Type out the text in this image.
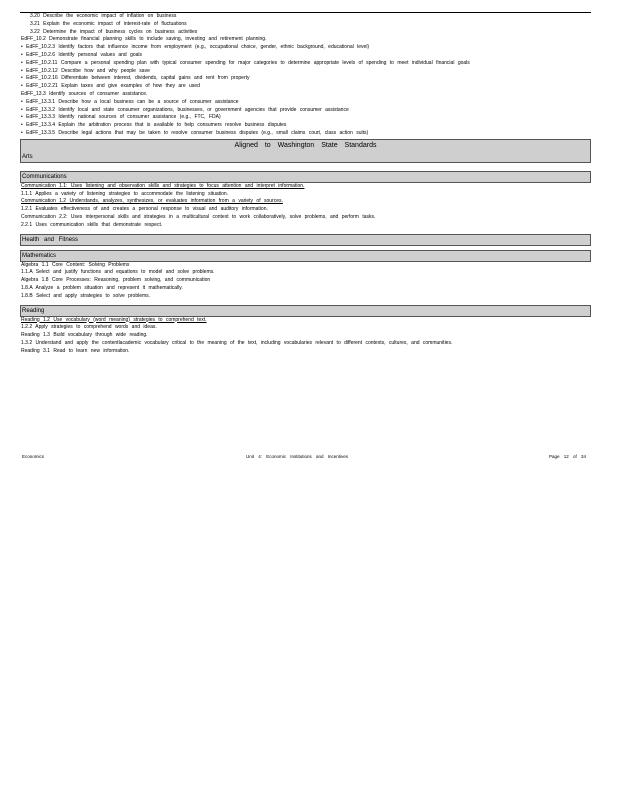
3.20 Describe the economic impact of inflation on business
3.21 Explain the economic impact of interest-rate of fluctuations
3.22 Determine the impact of business cycles on business activities
EdFF_10.2 Demonstrate financial planning skills to include saving, investing and retirement planning.
• EdFF_10.2.3 Identify factors that influence income from employment (e.g., occupational choice, gender, ethnic background, educational level)
• EdFF_10.2.6 Identify personal values and goals
• EdFF_10.2.11 Compare a personal spending plan with typical consumer spending for major categories to determine appropriate levels of spending to meet individual financial goals
• EdFF_10.2.12 Describe how and why people save
• EdFF_10.2.16 Differentiate between interest, dividends, capital gains and rent from property
• EdFF_10.2.21 Explain taxes and give examples of how they are used
EdFF_13.3 Identify sources of consumer assistance.
• EdFF_13.3.1 Describe how a local business can be a source of consumer assistance
• EdFF_13.3.2 Identify local and state consumer organizations, businesses, or government agencies that provide consumer assistance
• EdFF_13.3.3 Identify national sources of consumer assistance (e.g., FTC, FDA)
• EdFF_13.3.4 Explain the arbitration process that is available to help consumers resolve business disputes
• EdFF_13.3.5 Describe legal actions that may be taken to resolve consumer business disputes (e.g., small claims court, class action suits)
Aligned to Washington State Standards
Arts
Communications
Communication 1.1: Uses listening and observation skills and strategies to focus attention and interpret information.
1.1.1 Applies a variety of listening strategies to accommodate the listening situation.
Communication 1.2 Understands, analyzes, synthesizes, or evaluates information from a variety of sources.
1.2.1 Evaluates effectiveness of and creates a personal response to visual and auditory information.
Communication 2.2: Uses interpersonal skills and strategies in a multicultural context to work collaboratively, solve problems, and perform tasks.
2.2.1 Uses communication skills that demonstrate respect.
Health and Fitness
Mathematics
Algebra 1.1 Core Content: Solving Problems
1.1.A Select and justify functions and equations to model and solve problems.
Algebra 1.8 Core Processes: Reasoning, problem solving, and communication
1.8.A Analyze a problem situation and represent it mathematically.
1.8.B Select and apply strategies to solve problems.
Reading
Reading 1.2 Use vocabulary (word meaning) strategies to comprehend text.
1.2.2 Apply strategies to comprehend words and ideas.
Reading 1.3 Build vocabulary through wide reading.
1.3.2 Understand and apply the contentlacademic vocabulary critical to the meaning of the text, including vocabularies relevant to different contexts, cultures, and communities.
Reading 3.1 Read to learn new information.
Economics	Unit 4: Economic Institutions and Incentives	Page 12 of 34
